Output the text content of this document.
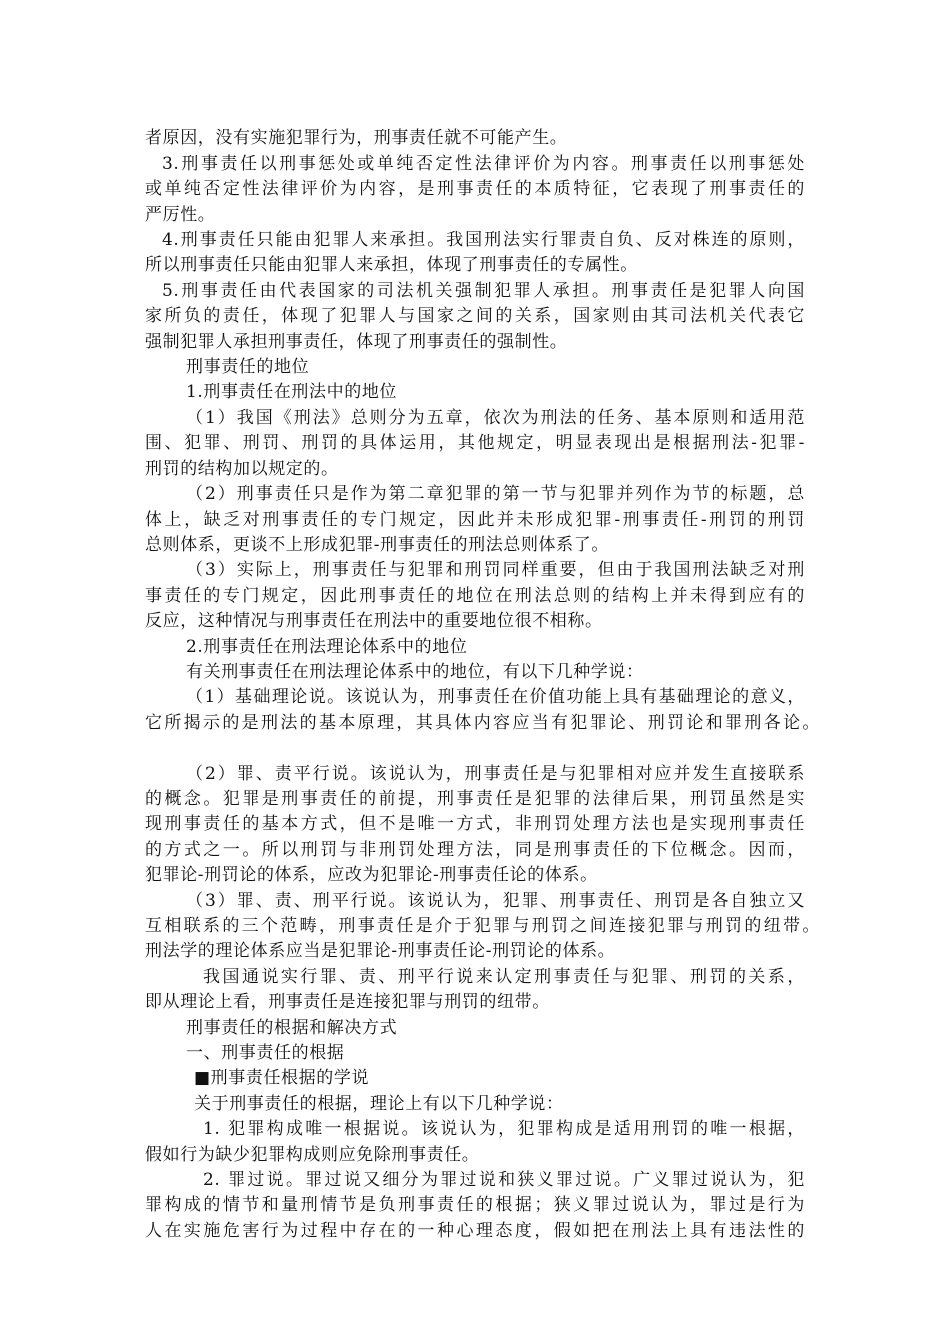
者原因，没有实施犯罪行为，刑事责任就不可能产生。
3.刑事责任以刑事惩处或单纯否定性法律评价为内容。刑事责任以刑事惩处
或单纯否定性法律评价为内容，是刑事责任的本质特征，它表现了刑事责任的
严厉性。
4.刑事责任只能由犯罪人来承担。我国刑法实行罪责自负、反对株连的原则，
所以刑事责任只能由犯罪人来承担，体现了刑事责任的专属性。
5.刑事责任由代表国家的司法机关强制犯罪人承担。刑事责任是犯罪人向国
家所负的责任，体现了犯罪人与国家之间的关系，国家则由其司法机关代表它
强制犯罪人承担刑事责任，体现了刑事责任的强制性。
刑事责任的地位
1.刑事责任在刑法中的地位
（1）我国《刑法》总则分为五章，依次为刑法的任务、基本原则和适用范
围、犯罪、刑罚、刑罚的具体运用，其他规定，明显表现出是根据刑法-犯罪-
刑罚的结构加以规定的。
（2）刑事责任只是作为第二章犯罪的第一节与犯罪并列作为节的标题，总
体上，缺乏对刑事责任的专门规定，因此并未形成犯罪-刑事责任-刑罚的刑罚
总则体系，更谈不上形成犯罪-刑事责任的刑法总则体系了。
（3）实际上，刑事责任与犯罪和刑罚同样重要，但由于我国刑法缺乏对刑
事责任的专门规定，因此刑事责任的地位在刑法总则的结构上并未得到应有的
反应，这种情况与刑事责任在刑法中的重要地位很不相称。
2.刑事责任在刑法理论体系中的地位
有关刑事责任在刑法理论体系中的地位，有以下几种学说：
（1）基础理论说。该说认为，刑事责任在价值功能上具有基础理论的意义，
它所揭示的是刑法的基本原理，其具体内容应当有犯罪论、刑罚论和罪刑各论。
（2）罪、责平行说。该说认为，刑事责任是与犯罪相对应并发生直接联系
的概念。犯罪是刑事责任的前提，刑事责任是犯罪的法律后果，刑罚虽然是实
现刑事责任的基本方式，但不是唯一方式，非刑罚处理方法也是实现刑事责任
的方式之一。所以刑罚与非刑罚处理方法，同是刑事责任的下位概念。因而，
犯罪论-刑罚论的体系，应改为犯罪论-刑事责任论的体系。
（3）罪、责、刑平行说。该说认为，犯罪、刑事责任、刑罚是各自独立又
互相联系的三个范畴，刑事责任是介于犯罪与刑罚之间连接犯罪与刑罚的纽带。
刑法学的理论体系应当是犯罪论-刑事责任论-刑罚论的体系。
我国通说实行罪、责、刑平行说来认定刑事责任与犯罪、刑罚的关系，
即从理论上看，刑事责任是连接犯罪与刑罚的纽带。
刑事责任的根据和解决方式
一、刑事责任的根据
■刑事责任根据的学说
关于刑事责任的根据，理论上有以下几种学说：
1. 犯罪构成唯一根据说。该说认为，犯罪构成是适用刑罚的唯一根据，
假如行为缺少犯罪构成则应免除刑事责任。
2. 罪过说。罪过说又细分为罪过说和狭义罪过说。广义罪过说认为，犯
罪构成的情节和量刑情节是负刑事责任的根据；狭义罪过说认为，罪过是行为
人在实施危害行为过程中存在的一种心理态度，假如把在刑法上具有违法性的
